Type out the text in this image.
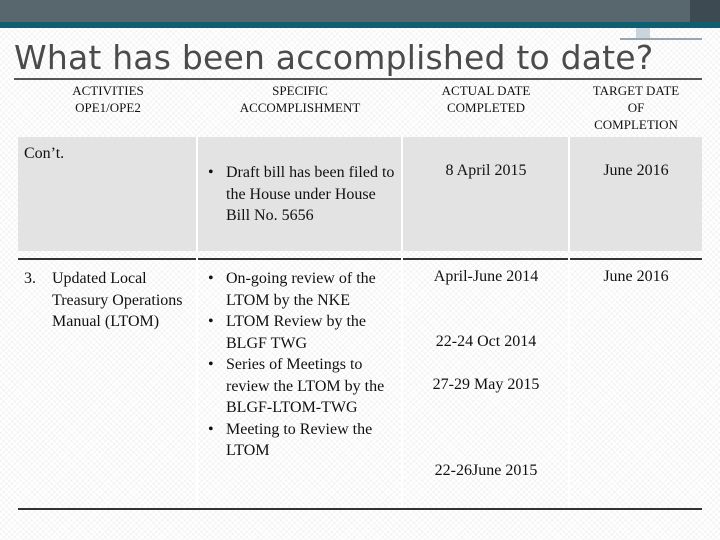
What has been accomplished to date?
ACTIVITIES
OPE1/OPE2
SPECIFIC
ACCOMPLISHMENT
ACTUAL DATE
COMPLETED
TARGET DATE
OF
COMPLETION
Con’t.
• Draft bill has been filed to the House under House Bill No. 5656
8 April 2015	June 2016
3. Updated Local Treasury Operations Manual (LTOM)
• On-going review of the LTOM by the NKE
• LTOM Review by the BLGF TWG
• Series of Meetings to review the LTOM by the BLGF-LTOM-TWG
• Meeting to Review the LTOM
April-June 2014
22-24 Oct 2014
27-29 May 2015
22-26June 2015
June 2016
